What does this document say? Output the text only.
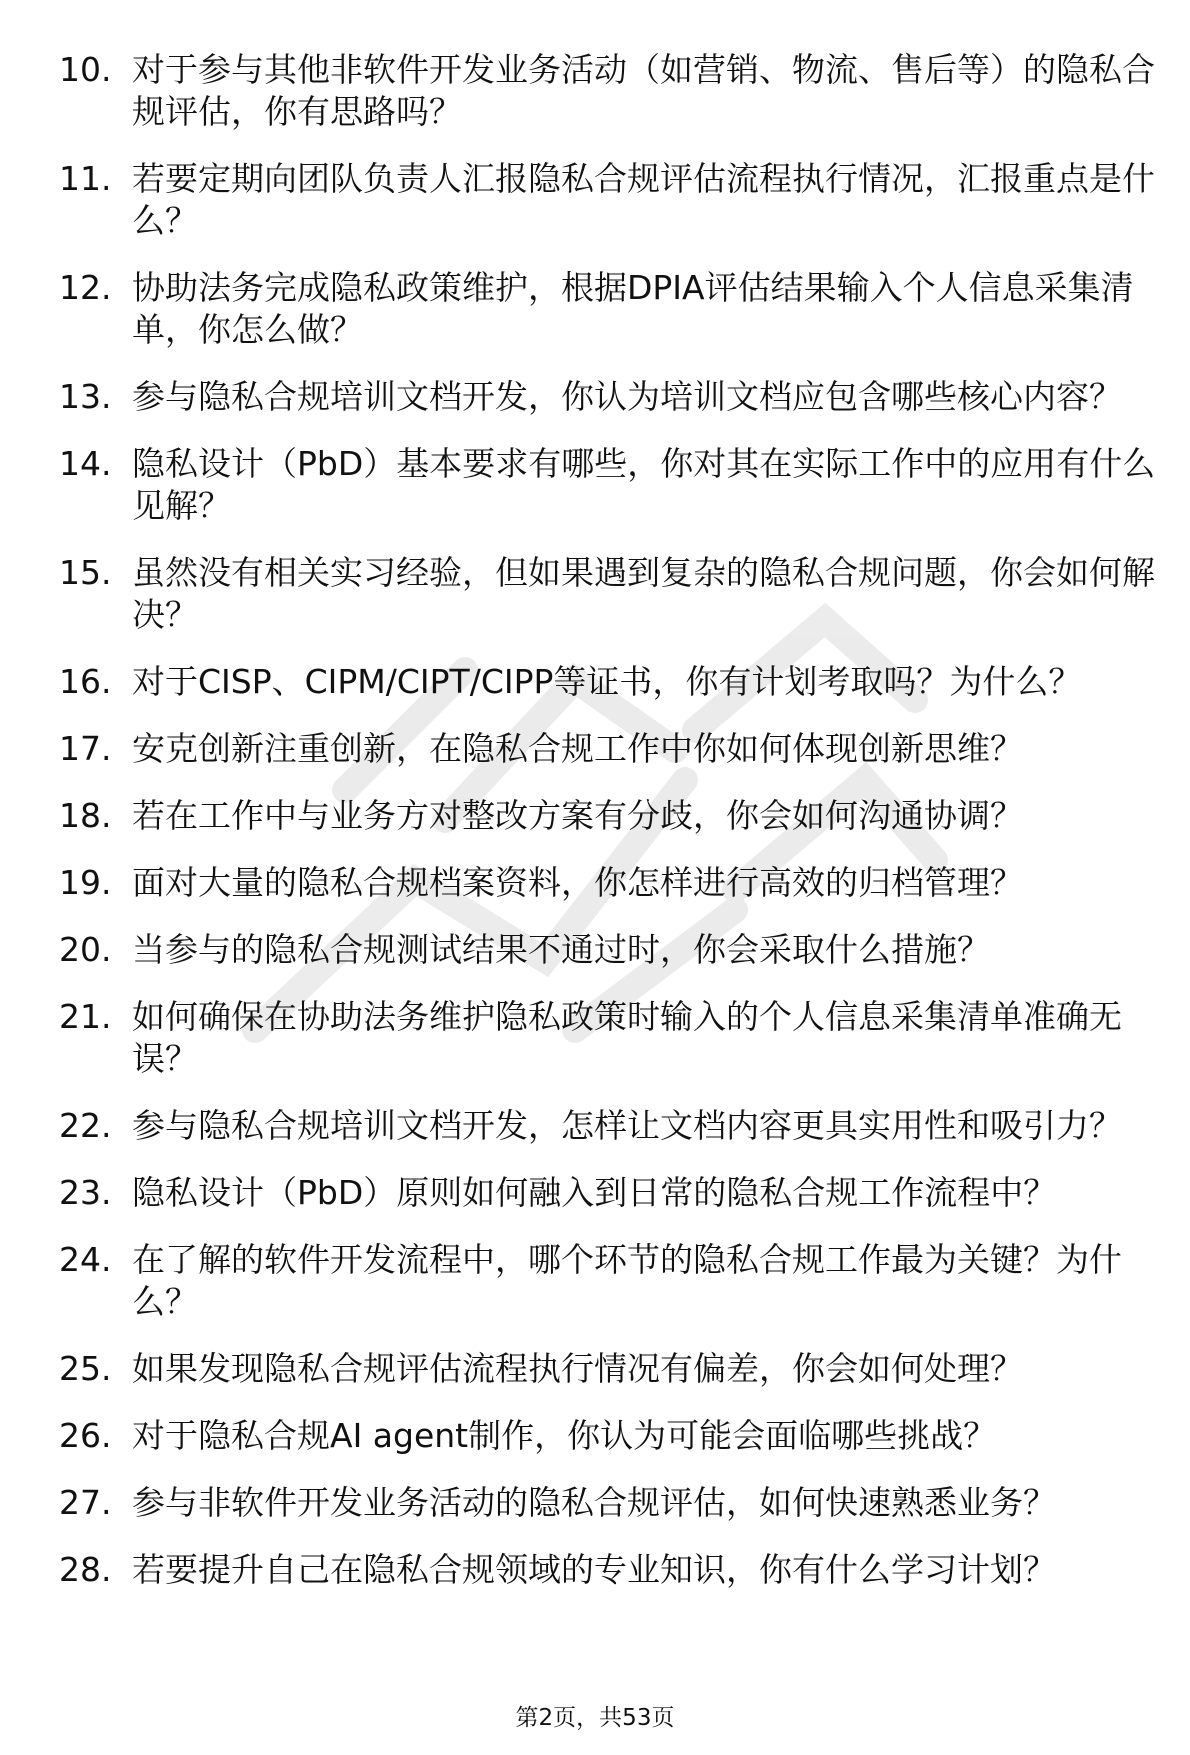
10. 对于参与其他非软件开发业务活动（如营销、物流、售后等）的隐私合规评估，你有思路吗？
11. 若要定期向团队负责人汇报隐私合规评估流程执行情况，汇报重点是什么？
12. 协助法务完成隐私政策维护，根据DPIA评估结果输入个人信息采集清单，你怎么做？
13. 参与隐私合规培训文档开发，你认为培训文档应包含哪些核心内容？
14. 隐私设计（PbD）基本要求有哪些，你对其在实际工作中的应用有什么见解？
15. 虽然没有相关实习经验，但如果遇到复杂的隐私合规问题，你会如何解决？
16. 对于CISP、CIPM/CIPT/CIPP等证书，你有计划考取吗？为什么？
17. 安克创新注重创新，在隐私合规工作中你如何体现创新思维？
18. 若在工作中与业务方对整改方案有分歧，你会如何沟通协调？
19. 面对大量的隐私合规档案资料，你怎样进行高效的归档管理？
20. 当参与的隐私合规测试结果不通过时，你会采取什么措施？
21. 如何确保在协助法务维护隐私政策时输入的个人信息采集清单准确无误？
22. 参与隐私合规培训文档开发，怎样让文档内容更具实用性和吸引力？
23. 隐私设计（PbD）原则如何融入到日常的隐私合规工作流程中？
24. 在了解的软件开发流程中，哪个环节的隐私合规工作最为关键？为什么？
25. 如果发现隐私合规评估流程执行情况有偏差，你会如何处理？
26. 对于隐私合规AI agent制作，你认为可能会面临哪些挑战？
27. 参与非软件开发业务活动的隐私合规评估，如何快速熟悉业务？
28. 若要提升自己在隐私合规领域的专业知识，你有什么学习计划？
第2页，共53页
